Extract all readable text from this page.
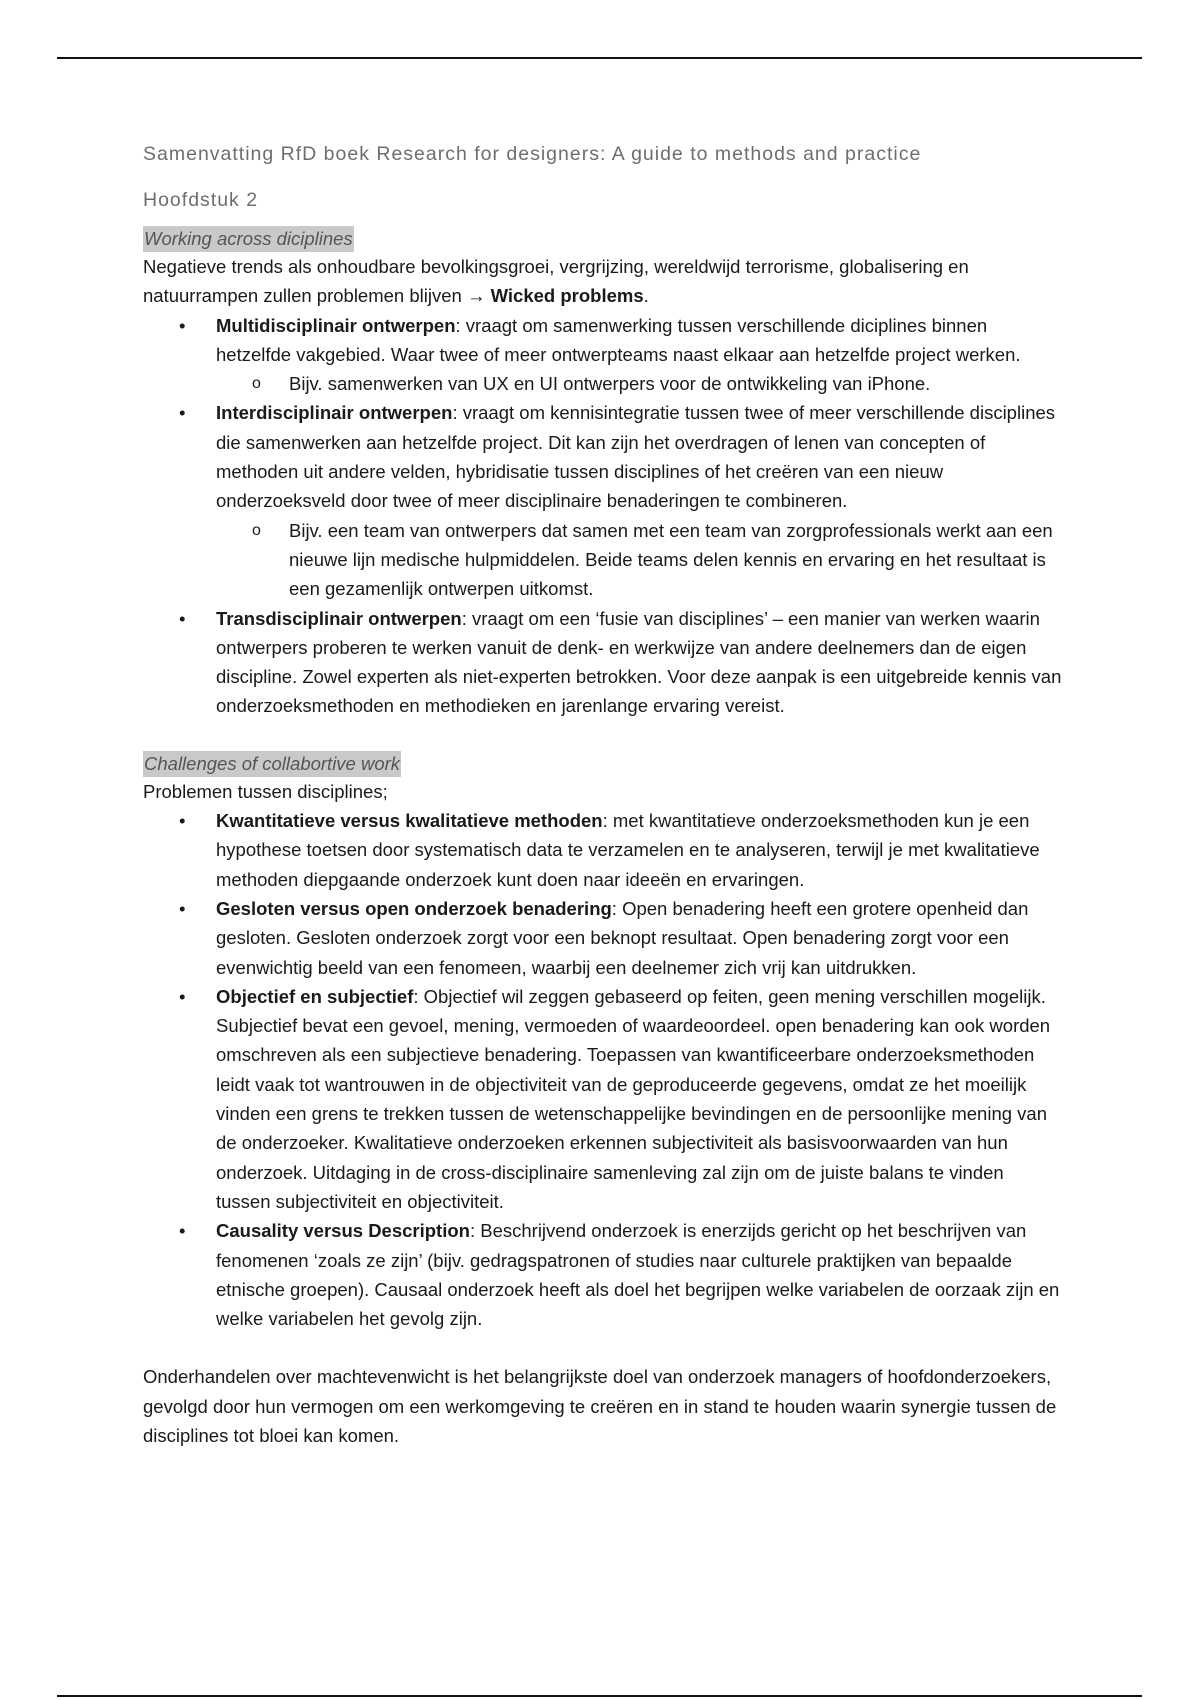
Samenvatting RfD boek Research for designers: A guide to methods and practice

Hoofdstuk 2

Working across diciplines

Negatieve trends als onhoudbare bevolkingsgroei, vergrijzing, wereldwijd terrorisme, globalisering en natuurrampen zullen problemen blijven → Wicked problems.

• Multidisciplinair ontwerpen: vraagt om samenwerking tussen verschillende diciplines binnen hetzelfde vakgebied. Waar twee of meer ontwerpteams naast elkaar aan hetzelfde project werken.
o Bijv. samenwerken van UX en UI ontwerpers voor de ontwikkeling van iPhone.
• Interdisciplinair ontwerpen: vraagt om kennisintegratie tussen twee of meer verschillende disciplines die samenwerken aan hetzelfde project. Dit kan zijn het overdragen of lenen van concepten of methoden uit andere velden, hybridisatie tussen disciplines of het creëren van een nieuw onderzoeksveld door twee of meer disciplinaire benaderingen te combineren.
o Bijv. een team van ontwerpers dat samen met een team van zorgprofessionals werkt aan een nieuwe lijn medische hulpmiddelen. Beide teams delen kennis en ervaring en het resultaat is een gezamenlijk ontwerpen uitkomst.
• Transdisciplinair ontwerpen: vraagt om een ‘fusie van disciplines’ – een manier van werken waarin ontwerpers proberen te werken vanuit de denk- en werkwijze van andere deelnemers dan de eigen discipline. Zowel experten als niet-experten betrokken. Voor deze aanpak is een uitgebreide kennis van onderzoeksmethoden en methodieken en jarenlange ervaring vereist.
Challenges of collabortive work

Problemen tussen disciplines;

• Kwantitatieve versus kwalitatieve methoden: met kwantitatieve onderzoeksmethoden kun je een hypothese toetsen door systematisch data te verzamelen en te analyseren, terwijl je met kwalitatieve methoden diepgaande onderzoek kunt doen naar ideeën en ervaringen.
• Gesloten versus open onderzoek benadering: Open benadering heeft een grotere openheid dan gesloten. Gesloten onderzoek zorgt voor een beknopt resultaat. Open benadering zorgt voor een evenwichtig beeld van een fenomeen, waarbij een deelnemer zich vrij kan uitdrukken.
• Objectief en subjectief: Objectief wil zeggen gebaseerd op feiten, geen mening verschillen mogelijk. Subjectief bevat een gevoel, mening, vermoeden of waardeoordeel. open benadering kan ook worden omschreven als een subjectieve benadering. Toepassen van kwantificeerbare onderzoeksmethoden leidt vaak tot wantrouwen in de objectiviteit van de geproduceerde gegevens, omdat ze het moeilijk vinden een grens te trekken tussen de wetenschappelijke bevindingen en de persoonlijke mening van de onderzoeker. Kwalitatieve onderzoeken erkennen subjectiviteit als basisvoorwaarden van hun onderzoek. Uitdaging in de cross-disciplinaire samenleving zal zijn om de juiste balans te vinden tussen subjectiviteit en objectiviteit.
• Causality versus Description: Beschrijvend onderzoek is enerzijds gericht op het beschrijven van fenomenen ‘zoals ze zijn’ (bijv. gedragspatronen of studies naar culturele praktijken van bepaalde etnische groepen). Causaal onderzoek heeft als doel het begrijpen welke variabelen de oorzaak zijn en welke variabelen het gevolg zijn.

Onderhandelen over machtevenwicht is het belangrijkste doel van onderzoek managers of hoofdonderzoekers, gevolgd door hun vermogen om een werkomgeving te creëren en in stand te houden waarin synergie tussen de disciplines tot bloei kan komen.
